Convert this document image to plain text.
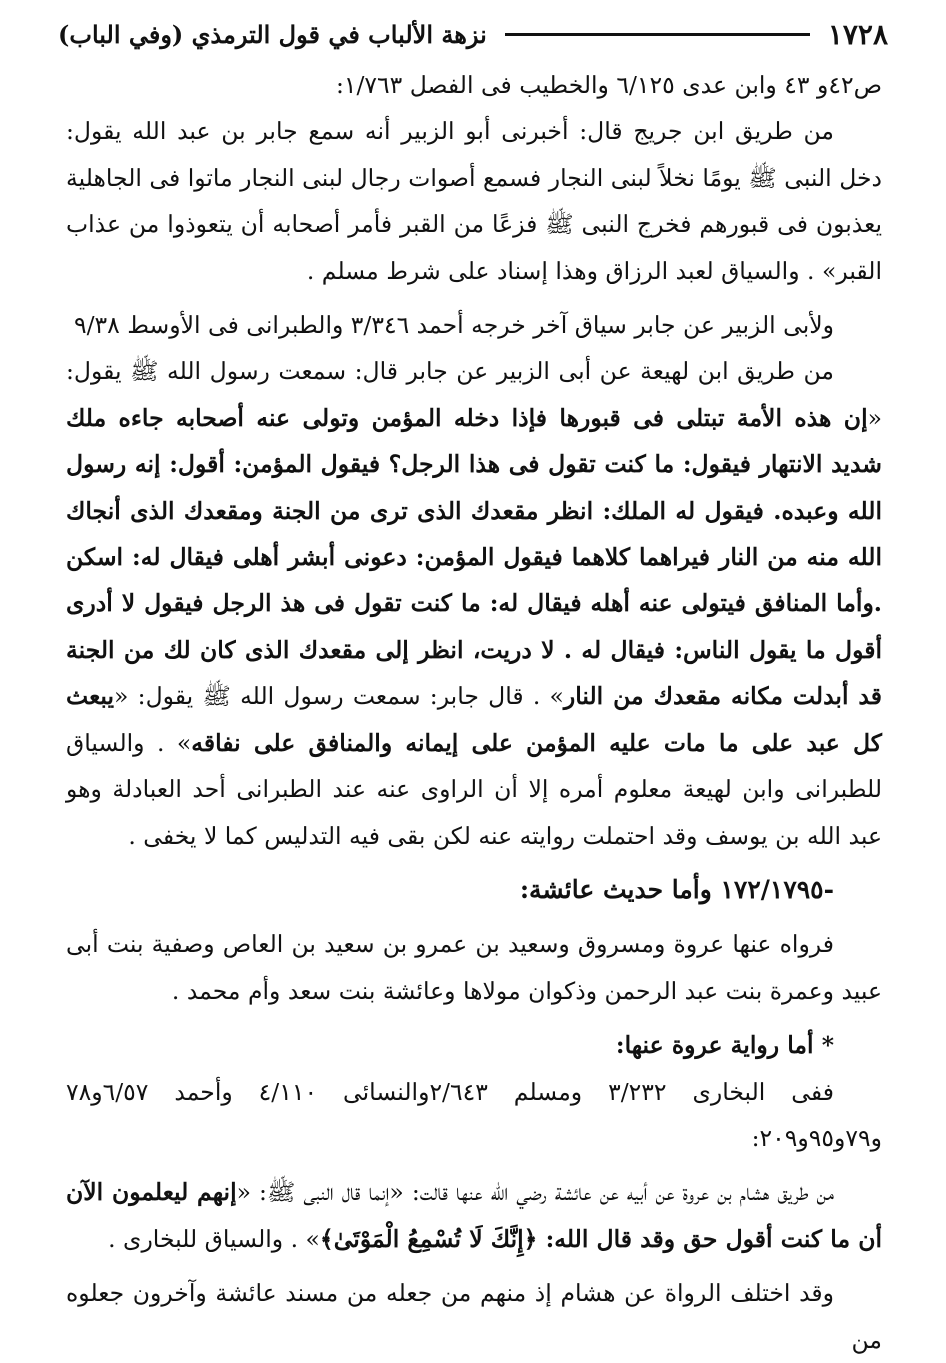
نزهة الألباب في قول الترمذي (وفي الباب)	١٧٢٨

ص٤٢و ٤٣ وابن عدى ٦/١٢٥ والخطيب فى الفصل ١/٧٦٣:

من طريق ابن جريج قال: أخبرنى أبو الزبير أنه سمع جابر بن عبد الله يقول: دخل النبى ﷺ يومًا نخلاً لبنى النجار فسمع أصوات رجال لبنى النجار ماتوا فى الجاهلية يعذبون فى قبورهم فخرج النبى ﷺ فزعًا من القبر فأمر أصحابه أن يتعوذوا من عذاب القبر» . والسياق لعبد الرزاق وهذا إسناد على شرط مسلم .

ولأبى الزبير عن جابر سياق آخر خرجه أحمد ٣/٣٤٦ والطبرانى فى الأوسط ٩/٣٨

من طريق ابن لهيعة عن أبى الزبير عن جابر قال: سمعت رسول الله ﷺ يقول: «إن هذه الأمة تبتلى فى قبورها فإذا دخله المؤمن وتولى عنه أصحابه جاءه ملك شديد الانتهار فيقول: ما كنت تقول فى هذا الرجل؟ فيقول المؤمن: أقول: إنه رسول الله وعبده. فيقول له الملك: انظر مقعدك الذى ترى من الجنة ومقعدك الذى أنجاك الله منه من النار فيراهما كلاهما فيقول المؤمن: دعونى أبشر أهلى فيقال له: اسكن .وأما المنافق فيتولى عنه أهله فيقال له: ما كنت تقول فى هذ الرجل فيقول لا أدرى أقول ما يقول الناس: فيقال له . لا دريت، انظر إلى مقعدك الذى كان لك من الجنة قد أبدلت مكانه مقعدك من النار» . قال جابر: سمعت رسول الله ﷺ يقول: «يبعث كل عبد على ما مات عليه المؤمن على إيمانه والمنافق على نفاقه» . والسياق للطبرانى وابن لهيعة معلوم أمره إلا أن الراوى عنه عند الطبرانى أحد العبادلة وهو عبد الله بن يوسف وقد احتملت روايته عنه لكن بقى فيه التدليس كما لا يخفى .

-١٧٢/١٧٩٥ وأما حديث عائشة:

فرواه عنها عروة ومسروق وسعيد بن عمرو بن سعيد بن العاص وصفية بنت أبى عبيد وعمرة بنت عبد الرحمن وذكوان مولاها وعائشة بنت سعد وأم محمد .

* أما رواية عروة عنها:

ففى البخارى ٣/٢٣٢ ومسلم ٢/٦٤٣والنسائى ٤/١١٠ وأحمد ٦/٥٧و٧٨ و٧٩و٩٥و٢٠٩:

من طريق هشام بن عروة عن أبيه عن عائشة رضي الله عنها قالت: «إنما قال النبى ﷺ: «إنهم ليعلمون الآن أن ما كنت أقول حق وقد قال الله: ﴿إِنَّكَ لَا تُسْمِعُ الْمَوْتَىٰ﴾» . والسياق للبخارى .

وقد اختلف الرواة عن هشام إذ منهم من جعله من مسند عائشة وآخرون جعلوه من
